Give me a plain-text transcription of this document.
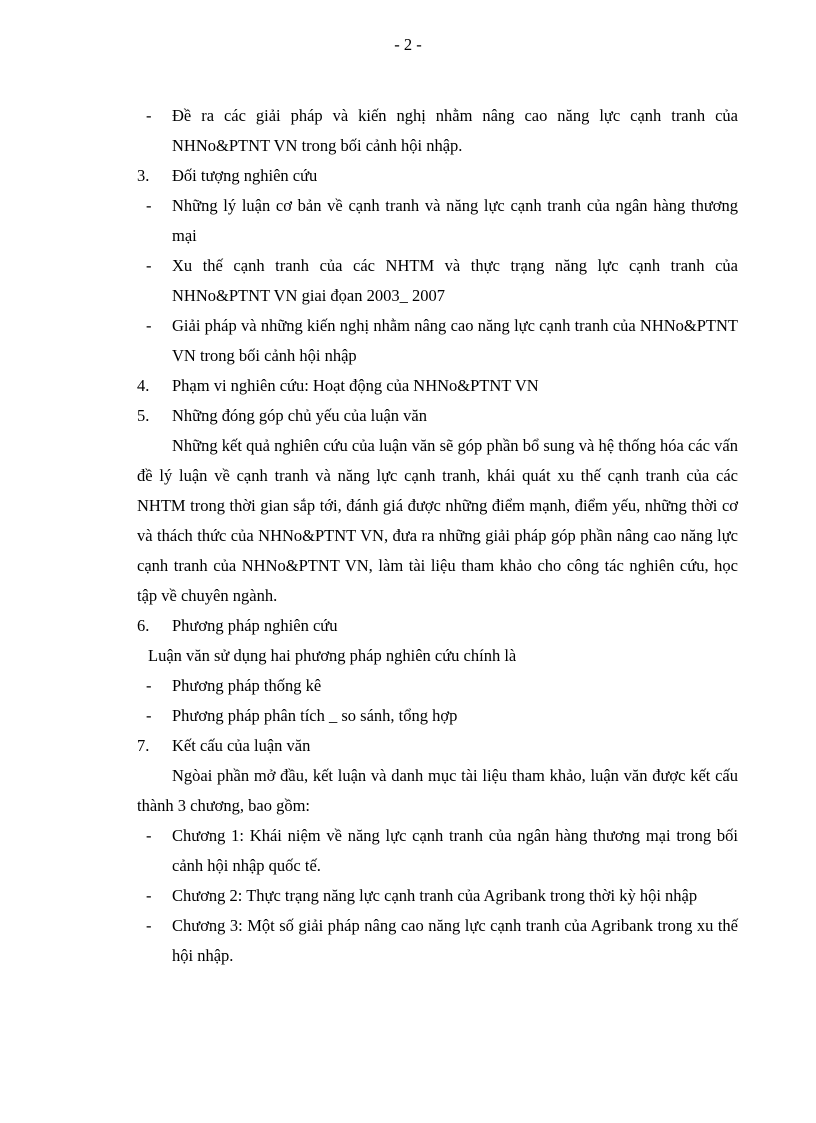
- 2 -
- Đề ra các giải pháp và kiến nghị nhằm nâng cao năng lực cạnh tranh của NHNo&PTNT VN trong bối cảnh hội nhập.
3. Đối tượng nghiên cứu
- Những lý luận cơ bản về cạnh tranh và năng lực cạnh tranh của ngân hàng thương mại
- Xu thế cạnh tranh của các NHTM và thực trạng năng lực cạnh tranh của NHNo&PTNT VN giai đọan 2003_ 2007
- Giải pháp và những kiến nghị nhằm nâng cao năng lực cạnh tranh của NHNo&PTNT VN trong bối cảnh hội nhập
4. Phạm vi nghiên cứu: Hoạt động của NHNo&PTNT VN
5. Những đóng góp chủ yếu của luận văn
Những kết quả nghiên cứu của luận văn sẽ góp phần bổ sung và hệ thống hóa các vấn đề lý luận về cạnh tranh và năng lực cạnh tranh, khái quát xu thế cạnh tranh của các NHTM trong thời gian sắp tới, đánh giá được những điểm mạnh, điểm yếu, những thời cơ và thách thức của NHNo&PTNT VN, đưa ra những giải pháp góp phần nâng cao năng lực cạnh tranh của NHNo&PTNT VN, làm tài liệu tham khảo cho công tác nghiên cứu, học tập về chuyên ngành.
6. Phương pháp nghiên cứu
Luận văn sử dụng hai phương pháp nghiên cứu chính là
- Phương pháp thống kê
- Phương pháp phân tích _ so sánh, tổng hợp
7. Kết cấu của luận văn
Ngòai phần mở đầu, kết luận và danh mục tài liệu tham khảo, luận văn được kết cấu thành 3 chương, bao gồm:
- Chương 1: Khái niệm về năng lực cạnh tranh của ngân hàng thương mại trong bối cảnh hội nhập quốc tế.
- Chương 2: Thực trạng năng lực cạnh tranh của Agribank trong thời kỳ hội nhập
- Chương 3: Một số giải pháp nâng cao năng lực cạnh tranh của Agribank trong xu thế hội nhập.
